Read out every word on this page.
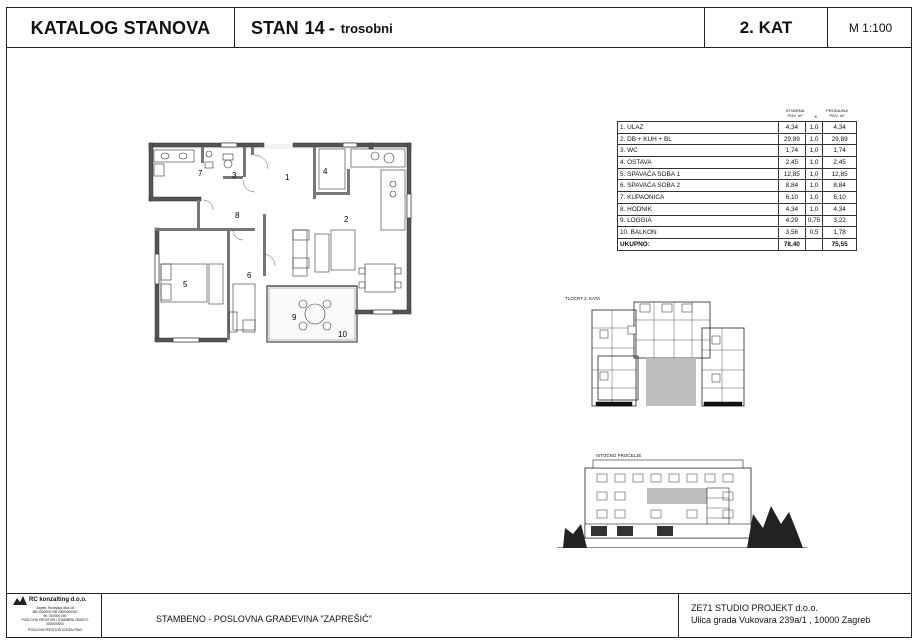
KATALOG STANOVA	STAN 14 - trosobni	2. KAT	M 1:100
7	3	1
4
8	2
5
6
9
10
STVARNA
POV. m²
PRODAJNA
POV. m²
K
1. ULAZ	4,34	1,0	4,34
2. DB + KUH + BL	29,89	1,0	29,89
3. WC	1,74	1,0	1,74
4. OSTAVA	2,45	1,0	2,45
5. SPAVAĆA SOBA 1	12,85	1,0	12,85
6. SPAVAĆA SOBA 2	8,84	1,0	8,84
7. KUPAONICA	6,10	1,0	6,10
8. HODNIK	4,34	1,0	4,34
9. LOGGIA	4,29	0,75	3,22
10. BALKON	3,56	0,5	1,78
UKUPNO:	78,40		75,55
TLOCRT 2. KATA
ISTOČNO PROČELJE
RC konzalting d.o.o.
Zagreb, Rovinjska ulica 18
MB 0000000 OIB 00000000000
tel. 01/0000 000
POSLOVNI PROSTORI I STAMBENI OBJEKTI
0000000000
POSLOVNI PROSTOR KONZALTING
STAMBENO - POSLOVNA GRAĐEVINA "ZAPREŠIĆ"
ZE71 STUDIO PROJEKT d.o.o.
Ulica grada Vukovara 239a/1 , 10000 Zagreb
